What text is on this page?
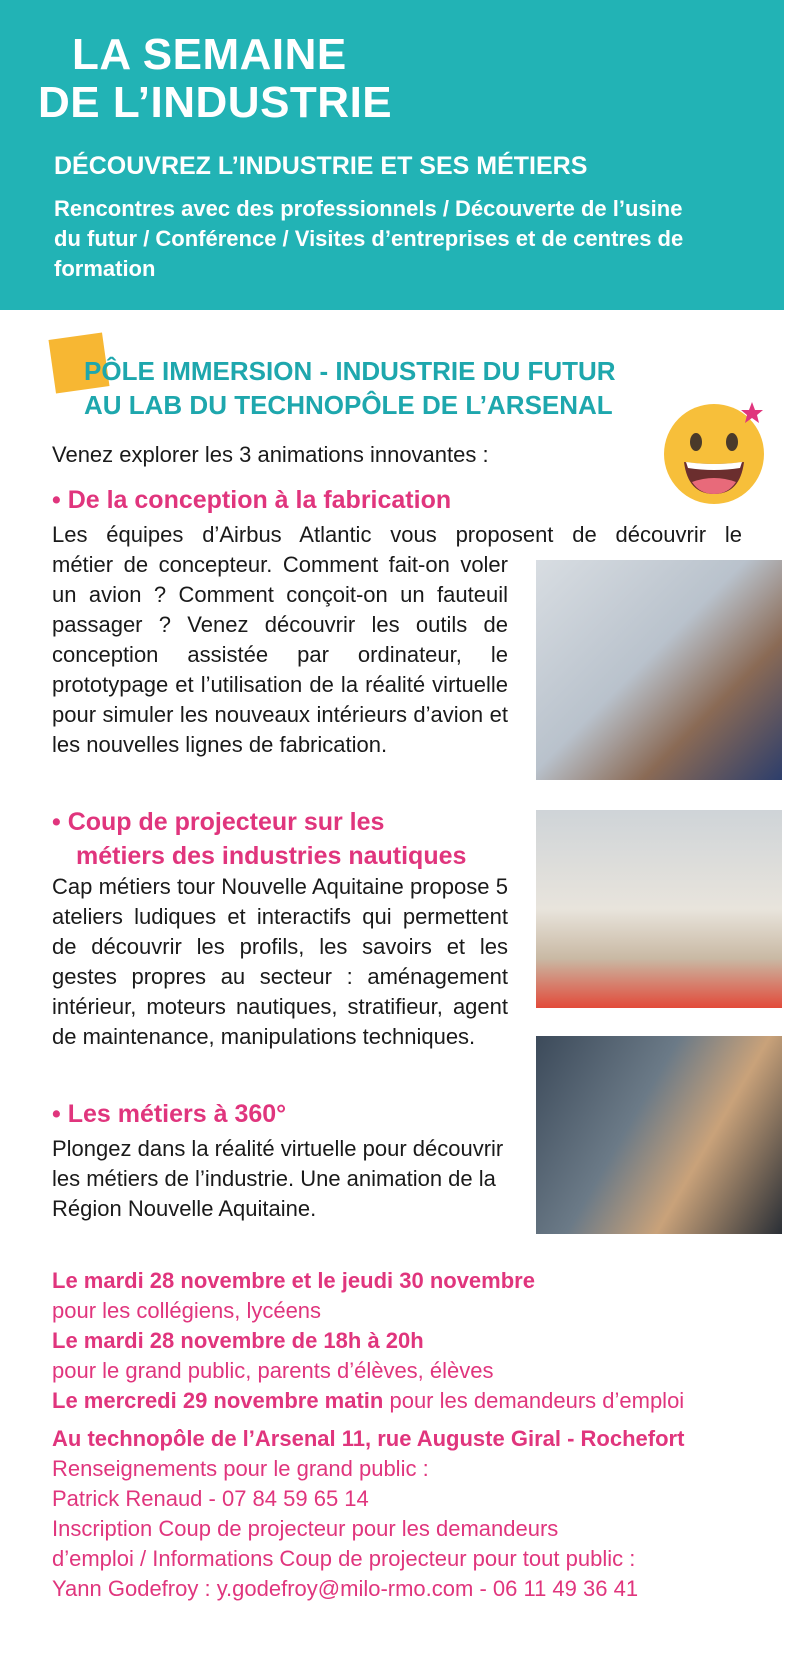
LA SEMAINE
DE L’INDUSTRIE
DÉCOUVREZ L’INDUSTRIE ET SES MÉTIERS
Rencontres avec des professionnels / Découverte de l’usine du futur / Conférence / Visites d’entreprises et de centres de formation
PÔLE IMMERSION - INDUSTRIE DU FUTUR
AU LAB DU TECHNOPÔLE DE L’ARSENAL
Venez explorer les 3 animations innovantes :
• De la conception à la fabrication
Les équipes d’Airbus Atlantic vous proposent de découvrir le
métier de concepteur. Comment fait-on voler un avion ? Comment conçoit-on un fauteuil passager ? Venez découvrir les outils de conception assistée par ordinateur, le prototypage et l’utilisation de la réalité virtuelle pour simuler les nouveaux intérieurs d’avion et les nouvelles lignes de fabrication.
• Coup de projecteur sur les
métiers des industries nautiques
Cap métiers tour Nouvelle Aquitaine propose 5 ateliers ludiques et interactifs qui permettent de découvrir les profils, les savoirs et les gestes propres au secteur : aménagement intérieur, moteurs nautiques, stratifieur, agent de maintenance, manipulations techniques.
• Les métiers à 360°
Plongez dans la réalité virtuelle pour découvrir les métiers de l’industrie. Une animation de la Région Nouvelle Aquitaine.
Le mardi 28 novembre et le jeudi 30 novembre
pour les collégiens, lycéens
Le mardi 28 novembre de 18h à 20h
pour le grand public, parents d’élèves, élèves
Le mercredi 29 novembre matin pour les demandeurs d’emploi
Au technopôle de l’Arsenal 11, rue Auguste Giral - Rochefort
Renseignements pour le grand public :
Patrick Renaud - 07 84 59 65 14
Inscription Coup de projecteur pour les demandeurs
d’emploi / Informations Coup de projecteur pour tout public :
Yann Godefroy : y.godefroy@milo-rmo.com - 06 11 49 36 41
